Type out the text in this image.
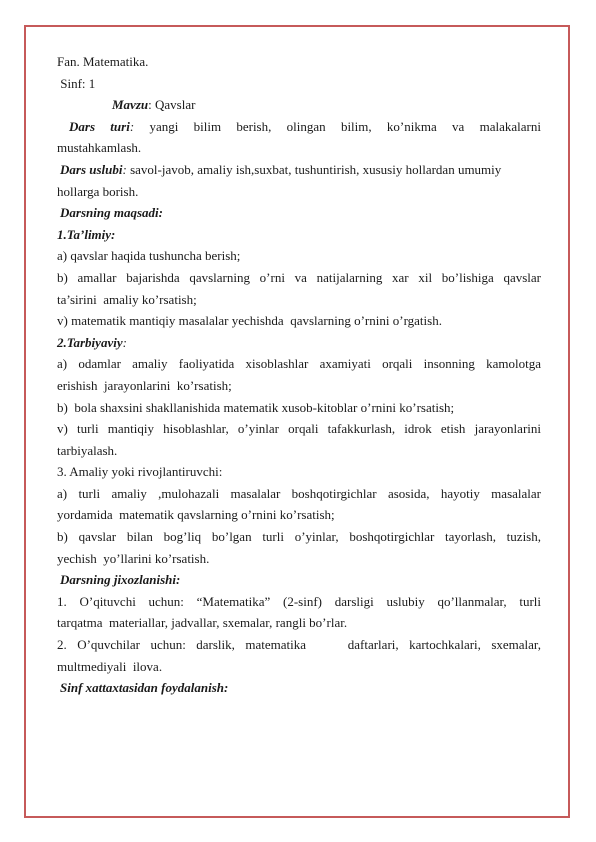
Fan. Matematika.
Sinf: 1
Mavzu: Qavslar
Dars turi: yangi bilim berish, olingan bilim, ko’nikma va malakalarni
mustahkamlash.
Dars uslubi: savol-javob, amaliy ish,suxbat, tushuntirish, xususiy hollardan umumiy
hollarga borish.
Darsning maqsadi:
1.Ta’limiy:
a) qavslar haqida tushuncha berish;
b) amallar bajarishda qavslarning o’rni va natijalarning xar xil bo’lishiga qavslar
ta’sirini  amaliy ko’rsatish;
v) matematik mantiqiy masalalar yechishda  qavslarning o’rnini o’rgatish.
2.Tarbiyaviy:
a) odamlar amaliy faoliyatida xisoblashlar axamiyati orqali insonning kamolotga
erishish  jarayonlarini  ko’rsatish;
b)  bola shaxsini shakllanishida matematik xusob-kitoblar o’rnini ko’rsatish;
v) turli mantiqiy hisoblashlar, o’yinlar orqali tafakkurlash, idrok etish jarayonlarini
tarbiyalash.
3. Amaliy yoki rivojlantiruvchi:
a) turli amaliy ,mulohazali masalalar boshqotirgichlar asosida, hayotiy masalalar
yordamida  matematik qavslarning o’rnini ko’rsatish;
b) qavslar bilan bog’liq bo’lgan turli o’yinlar, boshqotirgichlar tayorlash, tuzish,
yechish  yo’llarini ko’rsatish.
Darsning jixozlanishi:
1. O’qituvchi uchun: “Matematika” (2-sinf) darsligi uslubiy qo’llanmalar, turli
tarqatma  materiallar, jadvallar, sxemalar, rangli bo’rlar.
2. O’quvchilar uchun: darslik, matematika    daftarlari, kartochkalari, sxemalar,
multmediyali  ilova.
Sinf xattaxtasidan foydalanish:
